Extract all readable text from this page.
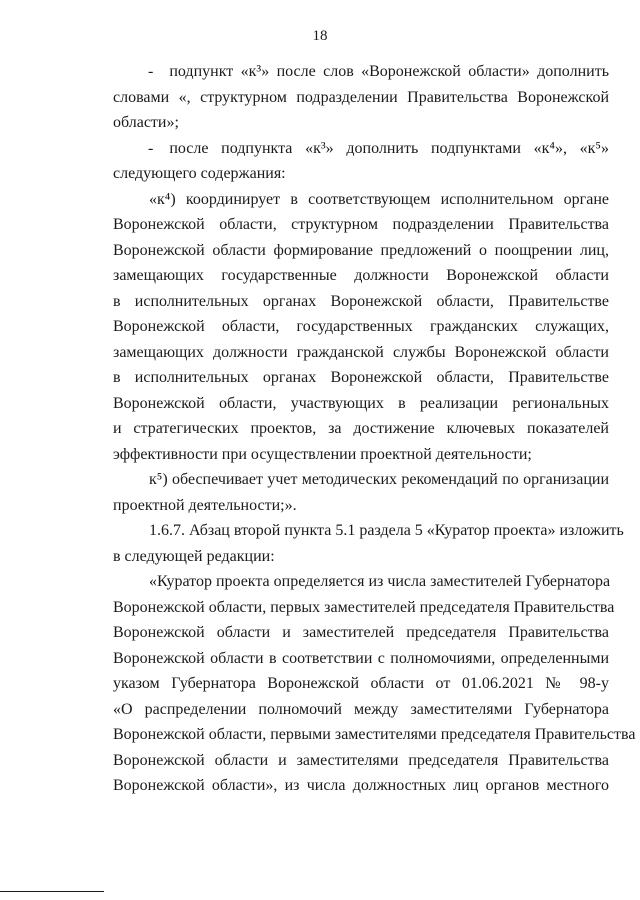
18
- подпункт «к³» после слов «Воронежской области» дополнить
словами «, структурном подразделении Правительства Воронежской
области»;
- после подпункта «к³» дополнить подпунктами «к⁴», «к⁵»
следующего содержания:
«к⁴) координирует в соответствующем исполнительном органе
Воронежской области, структурном подразделении Правительства
Воронежской области формирование предложений о поощрении лиц,
замещающих государственные должности Воронежской области
в исполнительных органах Воронежской области, Правительстве
Воронежской области, государственных гражданских служащих,
замещающих должности гражданской службы Воронежской области
в исполнительных органах Воронежской области, Правительстве
Воронежской области, участвующих в реализации региональных
и стратегических проектов, за достижение ключевых показателей
эффективности при осуществлении проектной деятельности;
к⁵) обеспечивает учет методических рекомендаций по организации
проектной деятельности;».
1.6.7. Абзац второй пункта 5.1 раздела 5 «Куратор проекта» изложить
в следующей редакции:
«Куратор проекта определяется из числа заместителей Губернатора
Воронежской области, первых заместителей председателя Правительства
Воронежской области и заместителей председателя Правительства
Воронежской области в соответствии с полномочиями, определенными
указом Губернатора Воронежской области от 01.06.2021 № 98-у
«О распределении полномочий между заместителями Губернатора
Воронежской области, первыми заместителями председателя Правительства
Воронежской области и заместителями председателя Правительства
Воронежской области», из числа должностных лиц органов местного
